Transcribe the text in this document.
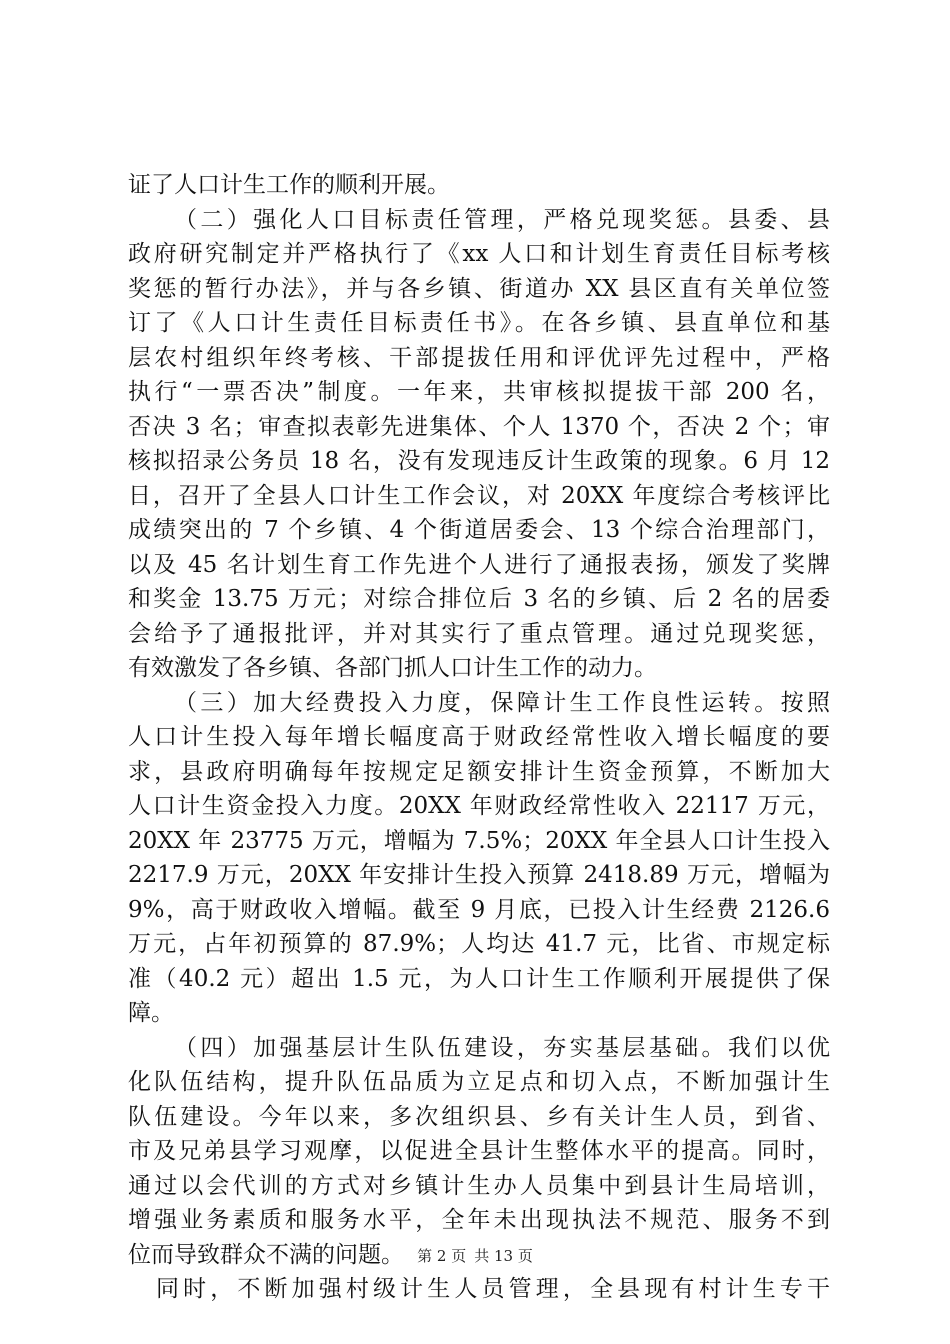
证了人口计生工作的顺利开展。
（二）强化人口目标责任管理，严格兑现奖惩。县委、县
政府研究制定并严格执行了《xx 人口和计划生育责任目标考核
奖惩的暂行办法》，并与各乡镇、街道办 XX 县区直有关单位签
订了《人口计生责任目标责任书》。在各乡镇、县直单位和基
层农村组织年终考核、干部提拔任用和评优评先过程中，严格
执行“一票否决”制度。一年来，共审核拟提拔干部 200 名，
否决 3 名；审查拟表彰先进集体、个人 1370 个，否决 2 个；审
核拟招录公务员 18 名，没有发现违反计生政策的现象。6 月 12
日，召开了全县人口计生工作会议，对 20XX 年度综合考核评比
成绩突出的 7 个乡镇、4 个街道居委会、13 个综合治理部门，
以及 45 名计划生育工作先进个人进行了通报表扬，颁发了奖牌
和奖金 13.75 万元；对综合排位后 3 名的乡镇、后 2 名的居委
会给予了通报批评，并对其实行了重点管理。通过兑现奖惩，
有效激发了各乡镇、各部门抓人口计生工作的动力。
（三）加大经费投入力度，保障计生工作良性运转。按照
人口计生投入每年增长幅度高于财政经常性收入增长幅度的要
求，县政府明确每年按规定足额安排计生资金预算，不断加大
人口计生资金投入力度。20XX 年财政经常性收入 22117 万元，
20XX 年 23775 万元，增幅为 7.5%；20XX 年全县人口计生投入
2217.9 万元，20XX 年安排计生投入预算 2418.89 万元，增幅为
9%，高于财政收入增幅。截至 9 月底，已投入计生经费 2126.6
万元，占年初预算的 87.9%；人均达 41.7 元，比省、市规定标
准（40.2 元）超出 1.5 元，为人口计生工作顺利开展提供了保
障。
（四）加强基层计生队伍建设，夯实基层基础。我们以优
化队伍结构，提升队伍品质为立足点和切入点，不断加强计生
队伍建设。今年以来，多次组织县、乡有关计生人员，到省、
市及兄弟县学习观摩，以促进全县计生整体水平的提高。同时，
通过以会代训的方式对乡镇计生办人员集中到县计生局培训，
增强业务素质和服务水平，全年未出现执法不规范、服务不到
位而导致群众不满的问题。
同时，不断加强村级计生人员管理，全县现有村计生专干
第 2 页 共 13 页
